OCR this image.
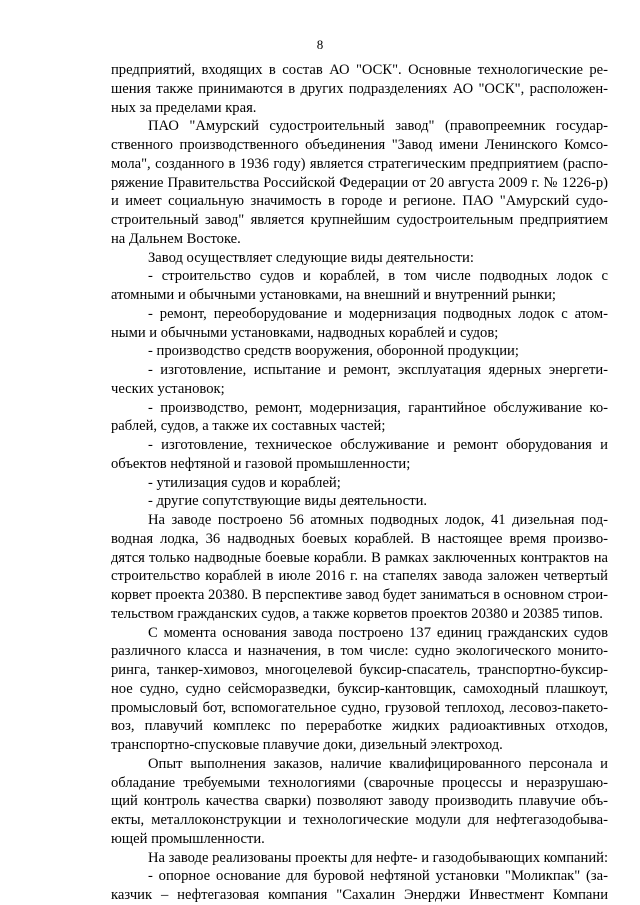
8
предприятий, входящих в состав АО "ОСК". Основные технологические ре-
шения также принимаются в других подразделениях АО "ОСК", расположен-
ных за пределами края.
ПАО "Амурский судостроительный завод" (правопреемник государ-
ственного производственного объединения "Завод имени Ленинского Комсо-
мола", созданного в 1936 году) является стратегическим предприятием (распо-
ряжение Правительства Российской Федерации от 20 августа 2009 г. № 1226-р)
и имеет социальную значимость в городе и регионе. ПАО "Амурский судо-
строительный завод" является крупнейшим судостроительным предприятием
на Дальнем Востоке.
Завод осуществляет следующие виды деятельности:
- строительство судов и кораблей, в том числе подводных лодок с
атомными и обычными установками, на внешний и внутренний рынки;
- ремонт, переоборудование и модернизация подводных лодок с атом-
ными и обычными установками, надводных кораблей и судов;
- производство средств вооружения, оборонной продукции;
- изготовление, испытание и ремонт, эксплуатация ядерных энергети-
ческих установок;
- производство, ремонт, модернизация, гарантийное обслуживание ко-
раблей, судов, а также их составных частей;
- изготовление, техническое обслуживание и ремонт оборудования и
объектов нефтяной и газовой промышленности;
- утилизация судов и кораблей;
- другие сопутствующие виды деятельности.
На заводе построено 56 атомных подводных лодок, 41 дизельная под-
водная лодка, 36 надводных боевых кораблей. В настоящее время произво-
дятся только надводные боевые корабли. В рамках заключенных контрактов на
строительство кораблей в июле 2016 г. на стапелях завода заложен четвертый
корвет проекта 20380. В перспективе завод будет заниматься в основном строи-
тельством гражданских судов, а также корветов проектов 20380 и 20385 типов.
С момента основания завода построено 137 единиц гражданских судов
различного класса и назначения, в том числе: судно экологического монито-
ринга, танкер-химовоз, многоцелевой буксир-спасатель, транспортно-буксир-
ное судно, судно сейсморазведки, буксир-кантовщик, самоходный плашкоут,
промысловый бот, вспомогательное судно, грузовой теплоход, лесовоз-пакето-
воз, плавучий комплекс по переработке жидких радиоактивных отходов,
транспортно-спусковые плавучие доки, дизельный электроход.
Опыт выполнения заказов, наличие квалифицированного персонала и
обладание требуемыми технологиями (сварочные процессы и неразрушаю-
щий контроль качества сварки) позволяют заводу производить плавучие объ-
екты, металлоконструкции и технологические модули для нефтегазодобыва-
ющей промышленности.
На заводе реализованы проекты для нефте- и газодобывающих компаний:
- опорное основание для буровой нефтяной установки "Моликпак" (за-
казчик – нефтегазовая компания "Сахалин Энерджи Инвестмент Компани
